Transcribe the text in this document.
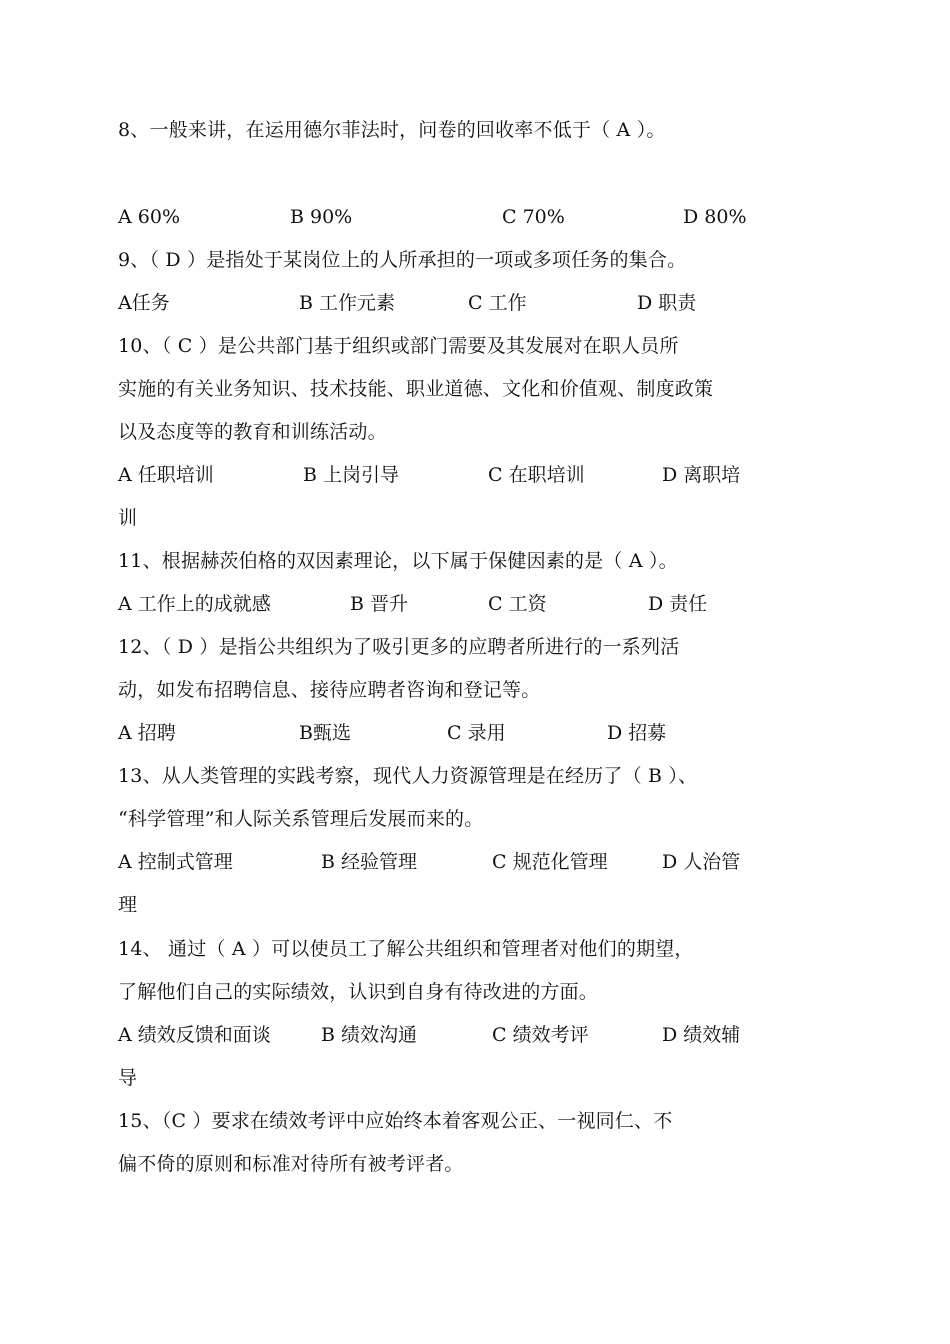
8、一般来讲，在运用德尔菲法时，问卷的回收率不低于（ A ）。
A 60%	B 90%	C 70%	D 80%
9、（ D ）是指处于某岗位上的人所承担的一项或多项任务的集合。
A任务	B 工作元素	C 工作	D 职责
10、（ C ）是公共部门基于组织或部门需要及其发展对在职人员所
实施的有关业务知识、技术技能、职业道德、文化和价值观、制度政策
以及态度等的教育和训练活动。
A 任职培训	B 上岗引导	C 在职培训	D 离职培
训
11、根据赫茨伯格的双因素理论，以下属于保健因素的是（ A ）。
A 工作上的成就感	B 晋升	C 工资	D 责任
12、（ D ）是指公共组织为了吸引更多的应聘者所进行的一系列活
动，如发布招聘信息、接待应聘者咨询和登记等。
A 招聘	B甄选	C 录用	D 招募
13、从人类管理的实践考察，现代人力资源管理是在经历了（ B ）、
“科学管理”和人际关系管理后发展而来的。
A 控制式管理	B 经验管理	C 规范化管理	D 人治管
理
14、 通过（ A ）可以使员工了解公共组织和管理者对他们的期望，
了解他们自己的实际绩效，认识到自身有待改进的方面。
A 绩效反馈和面谈	B 绩效沟通	C 绩效考评	D 绩效辅
导
15、（C ）要求在绩效考评中应始终本着客观公正、一视同仁、不
偏不倚的原则和标准对待所有被考评者。
